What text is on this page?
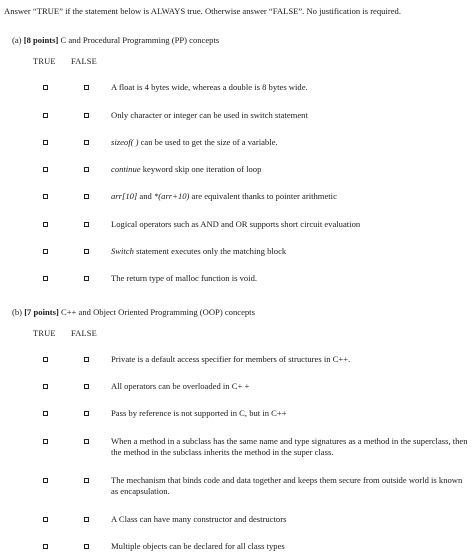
Answer “TRUE” if the statement below is ALWAYS true. Otherwise answer “FALSE”. No justification is required.
(a) [8 points] C and Procedural Programming (PP) concepts
TRUE FALSE
A float is 4 bytes wide, whereas a double is 8 bytes wide.
Only character or integer can be used in switch statement
sizeof( ) can be used to get the size of a variable.
continue keyword skip one iteration of loop
arr[10] and *(arr+10) are equivalent thanks to pointer arithmetic
Logical operators such as AND and OR supports short circuit evaluation
Switch statement executes only the matching block
The return type of malloc function is void.
(b) [7 points] C++ and Object Oriented Programming (OOP) concepts
TRUE FALSE
Private is a default access specifier for members of structures in C++.
All operators can be overloaded in C+ +
Pass by reference is not supported in C, but in C++
When a method in a subclass has the same name and type signatures as a method in the superclass, then the method in the subclass inherits the method in the super class.
The mechanism that binds code and data together and keeps them secure from outside world is known as encapsulation.
A Class can have many constructor and destructors
Multiple objects can be declared for all class types
